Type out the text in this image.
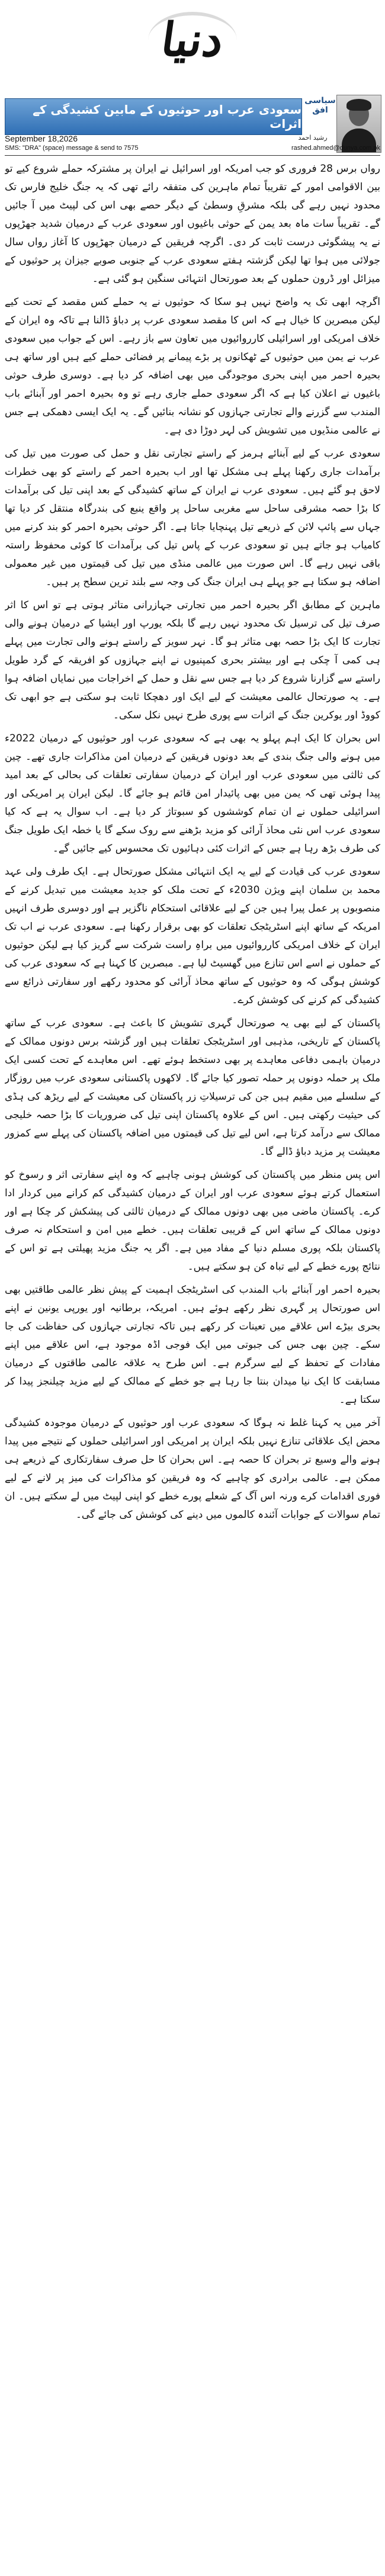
دنیا
سعودی عرب اور حوثیوں کے مابین کشیدگی کے اثرات
سیاسی افق
رشید احمد
September 18,2026
SMS: "DRA" (space) message & send to 7575	rashed.ahmed@dunya.com.pk

رواں برس 28 فروری کو جب امریکہ اور اسرائیل نے ایران پر مشترکہ حملے شروع کیے تو بین الاقوامی امور کے تقریباً تمام ماہرین کی متفقہ رائے تھی کہ یہ جنگ خلیج فارس تک محدود نہیں رہے گی بلکہ مشرقِ وسطیٰ کے دیگر حصے بھی اس کی لپیٹ میں آ جائیں گے۔ تقریباً سات ماہ بعد یمن کے حوثی باغیوں اور سعودی عرب کے درمیان شدید جھڑپوں نے یہ پیشگوئی درست ثابت کر دی۔ اگرچہ فریقین کے درمیان جھڑپوں کا آغاز رواں سال جولائی میں ہوا تھا لیکن گزشتہ ہفتے سعودی عرب کے جنوبی صوبے جیزان پر حوثیوں کے میزائل اور ڈرون حملوں کے بعد صورتحال انتہائی سنگین ہو گئی ہے۔

اگرچہ ابھی تک یہ واضح نہیں ہو سکا کہ حوثیوں نے یہ حملے کس مقصد کے تحت کیے لیکن مبصرین کا خیال ہے کہ اس کا مقصد سعودی عرب پر دباؤ ڈالنا ہے تاکہ وہ ایران کے خلاف امریکی اور اسرائیلی کارروائیوں میں تعاون سے باز رہے۔ اس کے جواب میں سعودی عرب نے یمن میں حوثیوں کے ٹھکانوں پر بڑے پیمانے پر فضائی حملے کیے ہیں اور ساتھ ہی بحیرہ احمر میں اپنی بحری موجودگی میں بھی اضافہ کر دیا ہے۔ دوسری طرف حوثی باغیوں نے اعلان کیا ہے کہ اگر سعودی حملے جاری رہے تو وہ بحیرہ احمر اور آبنائے باب المندب سے گزرنے والے تجارتی جہازوں کو نشانہ بنائیں گے۔ یہ ایک ایسی دھمکی ہے جس نے عالمی منڈیوں میں تشویش کی لہر دوڑا دی ہے۔

سعودی عرب کے لیے آبنائے ہرمز کے راستے تجارتی نقل و حمل کی صورت میں تیل کی برآمدات جاری رکھنا پہلے ہی مشکل تھا اور اب بحیرہ احمر کے راستے کو بھی خطرات لاحق ہو گئے ہیں۔ سعودی عرب نے ایران کے ساتھ کشیدگی کے بعد اپنی تیل کی برآمدات کا بڑا حصہ مشرقی ساحل سے مغربی ساحل پر واقع ینبع کی بندرگاہ منتقل کر دیا تھا جہاں سے پائپ لائن کے ذریعے تیل پہنچایا جاتا ہے۔ اگر حوثی بحیرہ احمر کو بند کرنے میں کامیاب ہو جاتے ہیں تو سعودی عرب کے پاس تیل کی برآمدات کا کوئی محفوظ راستہ باقی نہیں رہے گا۔ اس صورت میں عالمی منڈی میں تیل کی قیمتوں میں غیر معمولی اضافہ ہو سکتا ہے جو پہلے ہی ایران جنگ کی وجہ سے بلند ترین سطح پر ہیں۔

ماہرین کے مطابق اگر بحیرہ احمر میں تجارتی جہازرانی متاثر ہوتی ہے تو اس کا اثر صرف تیل کی ترسیل تک محدود نہیں رہے گا بلکہ یورپ اور ایشیا کے درمیان ہونے والی تجارت کا ایک بڑا حصہ بھی متاثر ہو گا۔ نہر سویز کے راستے ہونے والی تجارت میں پہلے ہی کمی آ چکی ہے اور بیشتر بحری کمپنیوں نے اپنے جہازوں کو افریقہ کے گرد طویل راستے سے گزارنا شروع کر دیا ہے جس سے نقل و حمل کے اخراجات میں نمایاں اضافہ ہوا ہے۔ یہ صورتحال عالمی معیشت کے لیے ایک اور دھچکا ثابت ہو سکتی ہے جو ابھی تک کووڈ اور یوکرین جنگ کے اثرات سے پوری طرح نہیں نکل سکی۔

اس بحران کا ایک اہم پہلو یہ بھی ہے کہ سعودی عرب اور حوثیوں کے درمیان 2022ء میں ہونے والی جنگ بندی کے بعد دونوں فریقین کے درمیان امن مذاکرات جاری تھے۔ چین کی ثالثی میں سعودی عرب اور ایران کے درمیان سفارتی تعلقات کی بحالی کے بعد امید پیدا ہوئی تھی کہ یمن میں بھی پائیدار امن قائم ہو جائے گا۔ لیکن ایران پر امریکی اور اسرائیلی حملوں نے ان تمام کوششوں کو سبوتاژ کر دیا ہے۔ اب سوال یہ ہے کہ کیا سعودی عرب اس نئی محاذ آرائی کو مزید بڑھنے سے روک سکے گا یا خطہ ایک طویل جنگ کی طرف بڑھ رہا ہے جس کے اثرات کئی دہائیوں تک محسوس کیے جائیں گے۔

سعودی عرب کی قیادت کے لیے یہ ایک انتہائی مشکل صورتحال ہے۔ ایک طرف ولی عہد محمد بن سلمان اپنے ویژن 2030ء کے تحت ملک کو جدید معیشت میں تبدیل کرنے کے منصوبوں پر عمل پیرا ہیں جن کے لیے علاقائی استحکام ناگزیر ہے اور دوسری طرف انہیں امریکہ کے ساتھ اپنے اسٹریٹجک تعلقات کو بھی برقرار رکھنا ہے۔ سعودی عرب نے اب تک ایران کے خلاف امریکی کارروائیوں میں براہِ راست شرکت سے گریز کیا ہے لیکن حوثیوں کے حملوں نے اسے اس تنازع میں گھسیٹ لیا ہے۔ مبصرین کا کہنا ہے کہ سعودی عرب کی کوشش ہوگی کہ وہ حوثیوں کے ساتھ محاذ آرائی کو محدود رکھے اور سفارتی ذرائع سے کشیدگی کم کرنے کی کوشش کرے۔

پاکستان کے لیے بھی یہ صورتحال گہری تشویش کا باعث ہے۔ سعودی عرب کے ساتھ پاکستان کے تاریخی، مذہبی اور اسٹریٹجک تعلقات ہیں اور گزشتہ برس دونوں ممالک کے درمیان باہمی دفاعی معاہدے پر بھی دستخط ہوئے تھے۔ اس معاہدے کے تحت کسی ایک ملک پر حملہ دونوں پر حملہ تصور کیا جائے گا۔ لاکھوں پاکستانی سعودی عرب میں روزگار کے سلسلے میں مقیم ہیں جن کی ترسیلاتِ زر پاکستان کی معیشت کے لیے ریڑھ کی ہڈی کی حیثیت رکھتی ہیں۔ اس کے علاوہ پاکستان اپنی تیل کی ضروریات کا بڑا حصہ خلیجی ممالک سے درآمد کرتا ہے، اس لیے تیل کی قیمتوں میں اضافہ پاکستان کی پہلے سے کمزور معیشت پر مزید دباؤ ڈالے گا۔

اس پس منظر میں پاکستان کی کوشش ہونی چاہیے کہ وہ اپنے سفارتی اثر و رسوخ کو استعمال کرتے ہوئے سعودی عرب اور ایران کے درمیان کشیدگی کم کرانے میں کردار ادا کرے۔ پاکستان ماضی میں بھی دونوں ممالک کے درمیان ثالثی کی پیشکش کر چکا ہے اور دونوں ممالک کے ساتھ اس کے قریبی تعلقات ہیں۔ خطے میں امن و استحکام نہ صرف پاکستان بلکہ پوری مسلم دنیا کے مفاد میں ہے۔ اگر یہ جنگ مزید پھیلتی ہے تو اس کے نتائج پورے خطے کے لیے تباہ کن ہو سکتے ہیں۔

بحیرہ احمر اور آبنائے باب المندب کی اسٹریٹجک اہمیت کے پیش نظر عالمی طاقتیں بھی اس صورتحال پر گہری نظر رکھے ہوئے ہیں۔ امریکہ، برطانیہ اور یورپی یونین نے اپنے بحری بیڑے اس علاقے میں تعینات کر رکھے ہیں تاکہ تجارتی جہازوں کی حفاظت کی جا سکے۔ چین بھی جس کی جبوتی میں ایک فوجی اڈہ موجود ہے، اس علاقے میں اپنے مفادات کے تحفظ کے لیے سرگرم ہے۔ اس طرح یہ علاقہ عالمی طاقتوں کے درمیان مسابقت کا ایک نیا میدان بنتا جا رہا ہے جو خطے کے ممالک کے لیے مزید چیلنجز پیدا کر سکتا ہے۔

آخر میں یہ کہنا غلط نہ ہوگا کہ سعودی عرب اور حوثیوں کے درمیان موجودہ کشیدگی محض ایک علاقائی تنازع نہیں بلکہ ایران پر امریکی اور اسرائیلی حملوں کے نتیجے میں پیدا ہونے والے وسیع تر بحران کا حصہ ہے۔ اس بحران کا حل صرف سفارتکاری کے ذریعے ہی ممکن ہے۔ عالمی برادری کو چاہیے کہ وہ فریقین کو مذاکرات کی میز پر لانے کے لیے فوری اقدامات کرے ورنہ اس آگ کے شعلے پورے خطے کو اپنی لپیٹ میں لے سکتے ہیں۔ ان تمام سوالات کے جوابات آئندہ کالموں میں دینے کی کوشش کی جائے گی۔
